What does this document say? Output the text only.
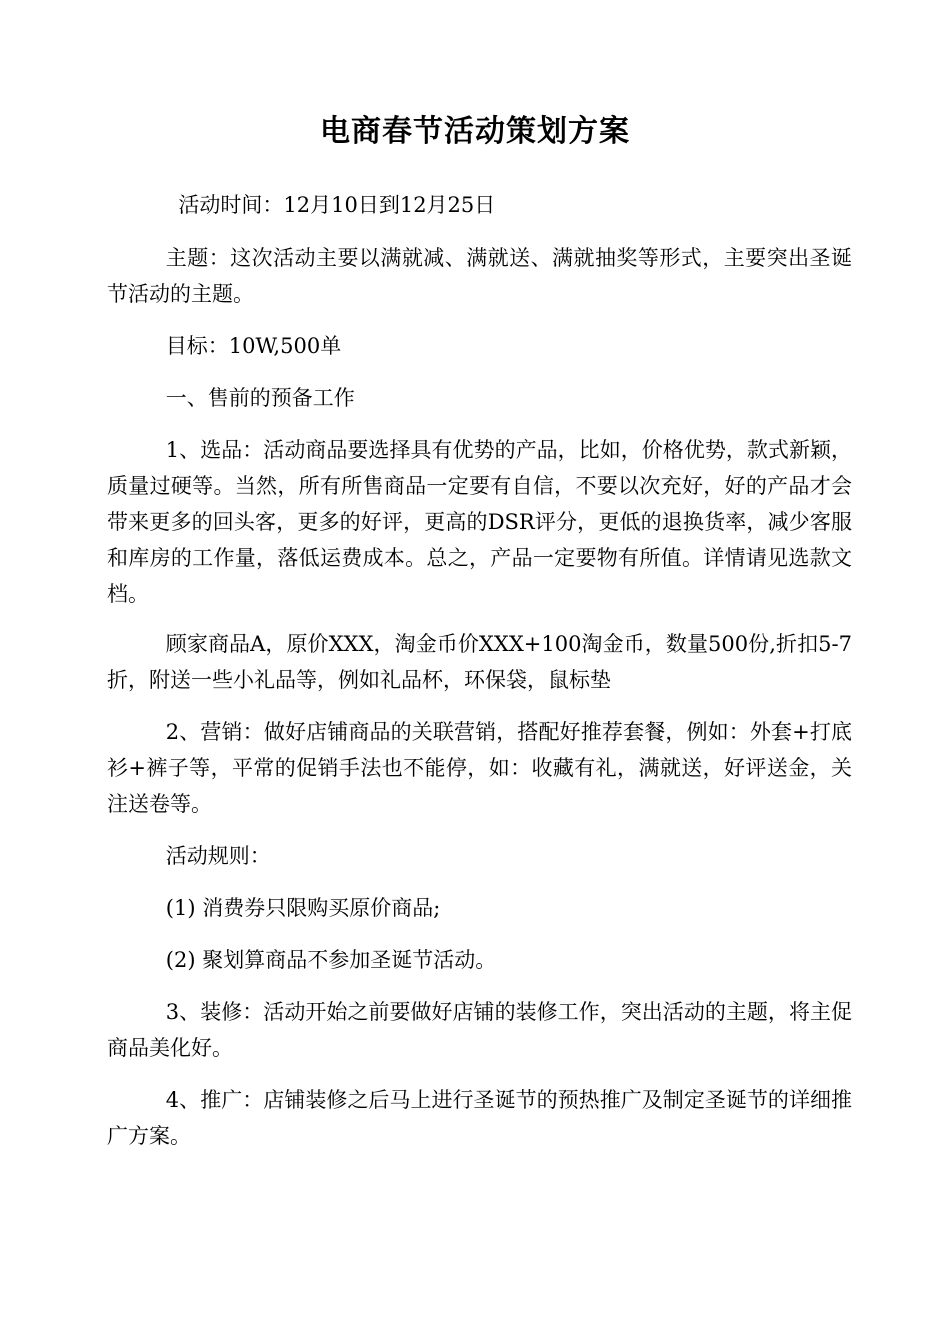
电商春节活动策划方案

活动时间：12月10日到12月25日

主题：这次活动主要以满就减、满就送、满就抽奖等形式，主要突出圣诞节活动的主题。

目标：10W,500单

一、售前的预备工作

1、选品：活动商品要选择具有优势的产品，比如，价格优势，款式新颖，质量过硬等。当然，所有所售商品一定要有自信，不要以次充好，好的产品才会带来更多的回头客，更多的好评，更高的DSR评分，更低的退换货率，减少客服和库房的工作量，落低运费成本。总之，产品一定要物有所值。详情请见选款文档。

顾家商品A，原价XXX，淘金币价XXX+100淘金币，数量500份,折扣5-7折，附送一些小礼品等，例如礼品杯，环保袋，鼠标垫

2、营销：做好店铺商品的关联营销，搭配好推荐套餐，例如：外套+打底衫+裤子等，平常的促销手法也不能停，如：收藏有礼，满就送，好评送金，关注送卷等。

活动规则：

(1) 消费券只限购买原价商品;

(2) 聚划算商品不参加圣诞节活动。

3、装修：活动开始之前要做好店铺的装修工作，突出活动的主题，将主促商品美化好。

4、推广：店铺装修之后马上进行圣诞节的预热推广及制定圣诞节的详细推广方案。
